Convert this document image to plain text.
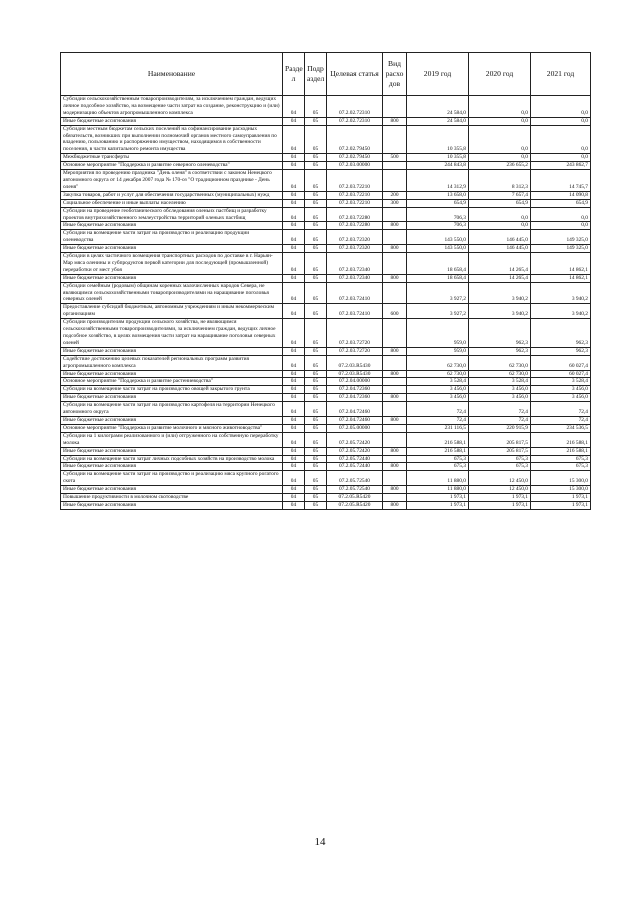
Наименование	Разде л	Подр аздел	Целевая статья	Вид расхо дов	2019 год	2020 год	2021 год
Субсидии сельскохозяйственным товаропроизводителям, за исключением граждан, ведущих личное подсобное хозяйство, на возмещение части затрат на создание, реконструкцию и (или) модернизацию объектов агропромышленного комплекса	04	05	07.2.02.72310		24 584,0	0,0	0,0
Иные бюджетные ассигнования	04	05	07.2.02.72310	800	24 584,0	0,0	0,0
Субсидии местным бюджетам сельских поселений на софинансирование расходных обязательств, возникших при выполнении полномочий органов местного самоуправления по владению, пользованию и распоряжению имуществом, находящимся в собственности поселения, в части капитального ремонта имущества	04	05	07.2.02.79450		10 355,8	0,0	0,0
Межбюджетные трансферты	04	05	07.2.02.79450	500	10 355,8	0,0	0,0
Основное мероприятие "Поддержка и развитие северного оленеводства"	04	05	07.2.03.00000		244 843,8	236 655,2	243 862,7
Мероприятия по проведению праздника "День оленя" в соответствии с законом Ненецкого автономного округа от 14 декабря 2007 года № 170-оз "О традиционном празднике - День оленя"	04	05	07.2.03.72210		14 312,9	8 312,3	14 745,7
Закупка товаров, работ и услуг для обеспечения государственных (муниципальных) нужд	04	05	07.2.03.72210	200	13 658,0	7 657,4	14 090,8
Социальное обеспечение и иные выплаты населению	04	05	07.2.03.72210	300	654,9	654,9	654,9
Субсидии на проведение геоботанического обследования оленьих пастбищ и разработку проектов внутрихозяйственного землеустройства территорий оленьих пастбищ	04	05	07.2.03.72280		706,3	0,0	0,0
Иные бюджетные ассигнования	04	05	07.2.03.72280	800	706,3	0,0	0,0
Субсидии на возмещение части затрат на производство и реализацию продукции оленеводства	04	05	07.2.03.72320		143 550,0	146 445,0	149 325,0
Иные бюджетные ассигнования	04	05	07.2.03.72320	800	143 550,0	146 445,0	149 325,0
Субсидии в целях частичного возмещения транспортных расходов по доставке в г. Нарьян-Мар мяса оленины и субпродуктов первой категории для последующей (промышленной) переработки от мест убоя	04	05	07.2.03.72340		18 658,4	14 265,4	14 862,1
Иные бюджетные ассигнования	04	05	07.2.03.72340	800	18 658,4	14 265,4	14 862,1
Субсидии семейным (родовым) общинам коренных малочисленных народов Севера, не являющимся сельскохозяйственными товаропроизводителями на наращивание поголовья северных оленей	04	05	07.2.03.72410		3 927,2	3 940,2	3 940,2
Предоставление субсидий бюджетным, автономным учреждениям и иным некоммерческим организациям	04	05	07.2.03.72410	600	3 927,2	3 940,2	3 940,2
Субсидии производителям продукции сельского хозяйства, не являющимся сельскохозяйственными товаропроизводителями, за исключением граждан, ведущих личное подсобное хозяйство, в целях возмещения части затрат на наращивание поголовья северных оленей	04	05	07.2.03.72720		959,0	962,3	962,3
Иные бюджетные ассигнования	04	05	07.2.03.72720	800	959,0	962,3	962,3
Содействие достижению целевых показателей региональных программ развития агропромышленного комплекса	04	05	07.2.03.R5430		62 730,0	62 730,0	60 027,4
Иные бюджетные ассигнования	04	05	07.2.03.R5430	800	62 730,0	62 730,0	60 027,4
Основное мероприятие "Поддержка и развитие растениеводства"	04	05	07.2.04.00000		3 528,4	3 528,4	3 528,4
Субсидии на возмещение части затрат на производство овощей закрытого грунта	04	05	07.2.04.72360		3 456,0	3 456,0	3 456,0
Иные бюджетные ассигнования	04	05	07.2.04.72360	800	3 456,0	3 456,0	3 456,0
Субсидии на возмещение части затрат на производство картофеля на территории Ненецкого автономного округа	04	05	07.2.04.72460		72,4	72,4	72,4
Иные бюджетные ассигнования	04	05	07.2.04.72460	800	72,4	72,4	72,4
Основное мероприятие "Поддержка и развитие молочного и мясного животноводства"	04	05	07.2.05.00000		231 116,5	220 915,9	234 536,5
Субсидии на 1 килограмм реализованного и (или) отгруженного на собственную переработку молока	04	05	07.2.05.72420		216 588,1	205 817,5	216 588,1
Иные бюджетные ассигнования	04	05	07.2.05.72420	800	216 588,1	205 817,5	216 588,1
Субсидии на возмещение части затрат личных подсобных хозяйств на производство молока	04	05	07.2.05.72440		675,3	675,3	675,3
Иные бюджетные ассигнования	04	05	07.2.05.72440	800	675,3	675,3	675,3
Субсидии на возмещение части затрат на производство и реализацию мяса крупного рогатого скота	04	05	07.2.05.72540		11 880,0	12 450,0	15 300,0
Иные бюджетные ассигнования	04	05	07.2.05.72540	800	11 880,0	12 450,0	15 300,0
Повышение продуктивности в молочном скотоводстве	04	05	07.2.05.R5420		1 973,1	1 973,1	1 973,1
Иные бюджетные ассигнования	04	05	07.2.05.R5420	800	1 973,1	1 973,1	1 973,1
14
